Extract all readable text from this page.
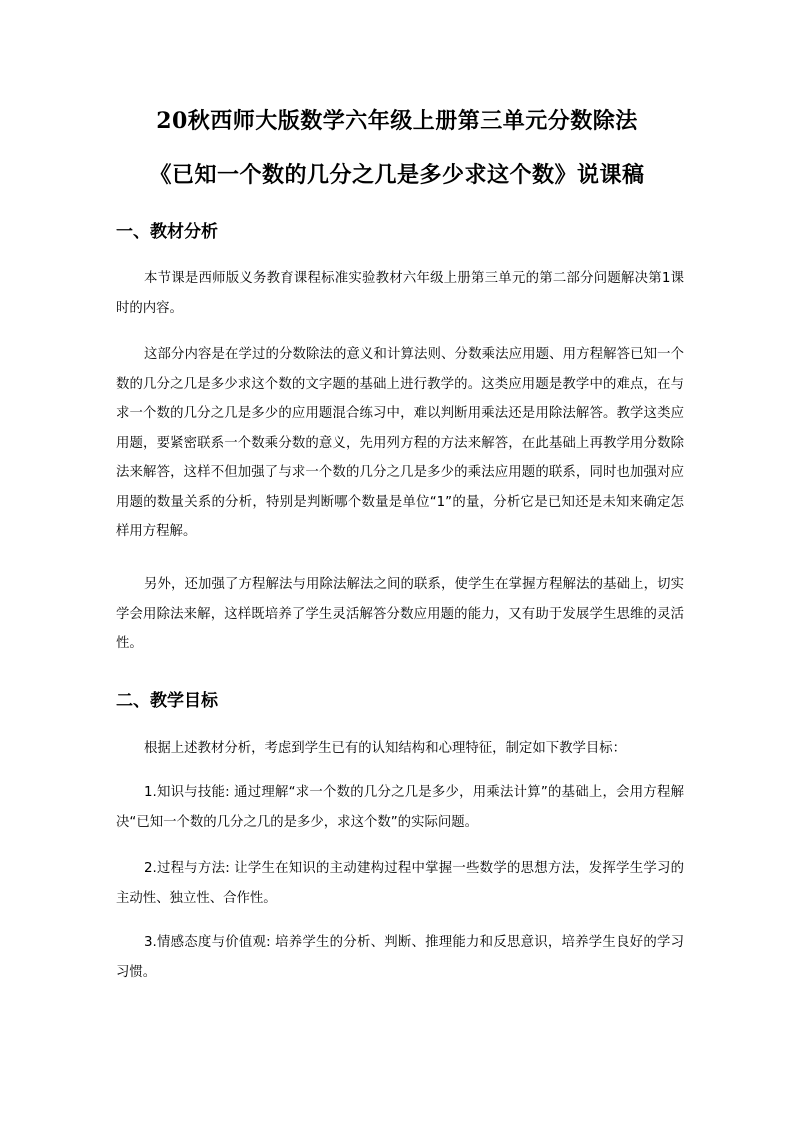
20秋西师大版数学六年级上册第三单元分数除法
《已知一个数的几分之几是多少求这个数》说课稿
一、教材分析
本节课是西师版义务教育课程标准实验教材六年级上册第三单元的第二部分问题解决第1课时的内容。
这部分内容是在学过的分数除法的意义和计算法则、分数乘法应用题、用方程解答已知一个数的几分之几是多少求这个数的文字题的基础上进行教学的。这类应用题是教学中的难点，在与求一个数的几分之几是多少的应用题混合练习中，难以判断用乘法还是用除法解答。教学这类应用题，要紧密联系一个数乘分数的意义，先用列方程的方法来解答，在此基础上再教学用分数除法来解答，这样不但加强了与求一个数的几分之几是多少的乘法应用题的联系，同时也加强对应用题的数量关系的分析，特别是判断哪个数量是单位“1”的量，分析它是已知还是未知来确定怎样用方程解。
另外，还加强了方程解法与用除法解法之间的联系，使学生在掌握方程解法的基础上，切实学会用除法来解，这样既培养了学生灵活解答分数应用题的能力，又有助于发展学生思维的灵活性。
二、教学目标
根据上述教材分析，考虑到学生已有的认知结构和心理特征，制定如下教学目标：
1.知识与技能: 通过理解“求一个数的几分之几是多少，用乘法计算”的基础上，会用方程解决“已知一个数的几分之几的是多少，求这个数”的实际问题。
2.过程与方法: 让学生在知识的主动建构过程中掌握一些数学的思想方法，发挥学生学习的主动性、独立性、合作性。
3.情感态度与价值观: 培养学生的分析、判断、推理能力和反思意识，培养学生良好的学习习惯。
